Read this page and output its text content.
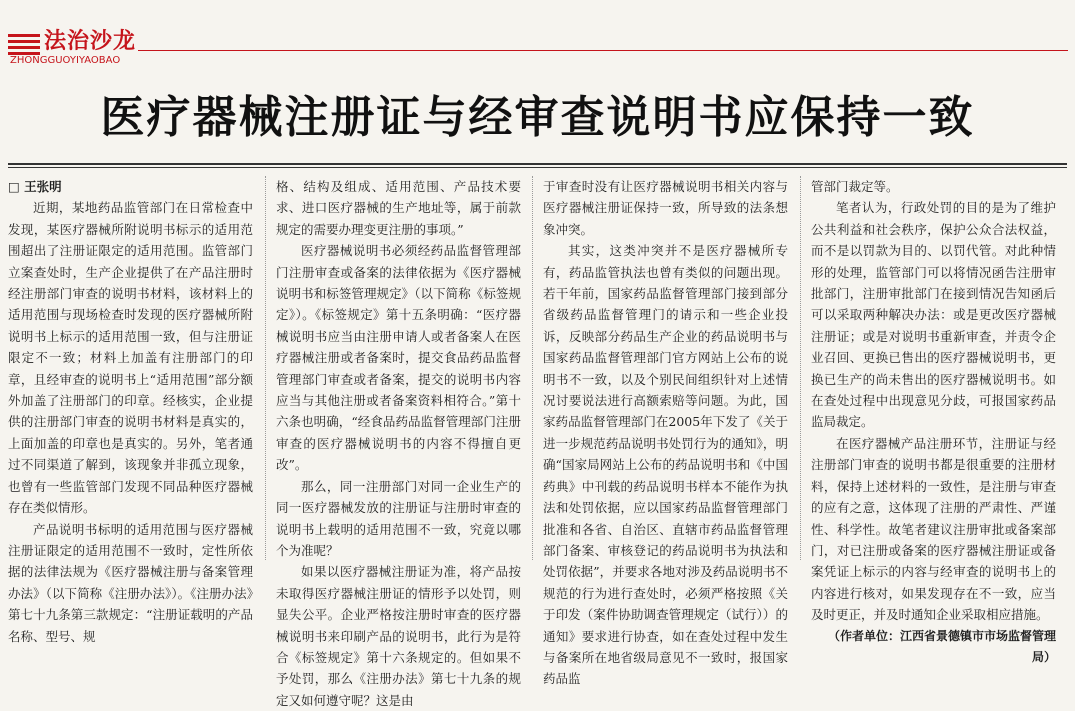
法治沙龙
ZHONGGUOYIYAOBAO
医疗器械注册证与经审查说明书应保持一致

□ 王张明

近期，某地药品监管部门在日常检查中发现，某医疗器械所附说明书标示的适用范围超出了注册证限定的适用范围。监管部门立案查处时，生产企业提供了在产品注册时经注册部门审查的说明书材料，该材料上的适用范围与现场检查时发现的医疗器械所附说明书上标示的适用范围一致，但与注册证限定不一致；材料上加盖有注册部门的印章，且经审查的说明书上“适用范围”部分额外加盖了注册部门的印章。经核实，企业提供的注册部门审查的说明书材料是真实的，上面加盖的印章也是真实的。另外，笔者通过不同渠道了解到，该现象并非孤立现象，也曾有一些监管部门发现不同品种医疗器械存在类似情形。

产品说明书标明的适用范围与医疗器械注册证限定的适用范围不一致时，定性所依据的法律法规为《医疗器械注册与备案管理办法》（以下简称《注册办法》）。《注册办法》第七十九条第三款规定：“注册证载明的产品名称、型号、规

格、结构及组成、适用范围、产品技术要求、进口医疗器械的生产地址等，属于前款规定的需要办理变更注册的事项。”

医疗器械说明书必须经药品监督管理部门注册审查或备案的法律依据为《医疗器械说明书和标签管理规定》（以下简称《标签规定》）。《标签规定》第十五条明确：“医疗器械说明书应当由注册申请人或者备案人在医疗器械注册或者备案时，提交食品药品监督管理部门审查或者备案，提交的说明书内容应当与其他注册或者备案资料相符合。”第十六条也明确，“经食品药品监督管理部门注册审查的医疗器械说明书的内容不得擅自更改”。

那么，同一注册部门对同一企业生产的同一医疗器械发放的注册证与注册时审查的说明书上载明的适用范围不一致，究竟以哪个为准呢？

如果以医疗器械注册证为准，将产品按未取得医疗器械注册证的情形予以处罚，则显失公平。企业严格按注册时审查的医疗器械说明书来印刷产品的说明书，此行为是符合《标签规定》第十六条规定的。但如果不予处罚，那么《注册办法》第七十九条的规定又如何遵守呢？这是由

于审查时没有让医疗器械说明书相关内容与医疗器械注册证保持一致，所导致的法条想象冲突。

其实，这类冲突并不是医疗器械所专有，药品监管执法也曾有类似的问题出现。若干年前，国家药品监督管理部门接到部分省级药品监督管理门的请示和一些企业投诉，反映部分药品生产企业的药品说明书与国家药品监督管理部门官方网站上公布的说明书不一致，以及个别民间组织针对上述情况讨要说法进行高额索赔等问题。为此，国家药品监督管理部门在2005年下发了《关于进一步规范药品说明书处罚行为的通知》，明确“国家局网站上公布的药品说明书和《中国药典》中刊载的药品说明书样本不能作为执法和处罚依据，应以国家药品监督管理部门批准和各省、自治区、直辖市药品监督管理部门备案、审核登记的药品说明书为执法和处罚依据”，并要求各地对涉及药品说明书不规范的行为进行查处时，必须严格按照《关于印发（案件协助调查管理规定（试行））的通知》要求进行协查，如在查处过程中发生与备案所在地省级局意见不一致时，报国家药品监

管部门裁定等。

笔者认为，行政处罚的目的是为了维护公共利益和社会秩序，保护公众合法权益，而不是以罚款为目的、以罚代管。对此种情形的处理，监管部门可以将情况函告注册审批部门，注册审批部门在接到情况告知函后可以采取两种解决办法：或是更改医疗器械注册证；或是对说明书重新审查，并责令企业召回、更换已售出的医疗器械说明书，更换已生产的尚未售出的医疗器械说明书。如在查处过程中出现意见分歧，可报国家药品监局裁定。

在医疗器械产品注册环节，注册证与经注册部门审查的说明书都是很重要的注册材料，保持上述材料的一致性，是注册与审查的应有之意，这体现了注册的严肃性、严谨性、科学性。故笔者建议注册审批或备案部门，对已注册或备案的医疗器械注册证或备案凭证上标示的内容与经审查的说明书上的内容进行核对，如果发现存在不一致，应当及时更正，并及时通知企业采取相应措施。

（作者单位：江西省景德镇市市场监督管理局）
